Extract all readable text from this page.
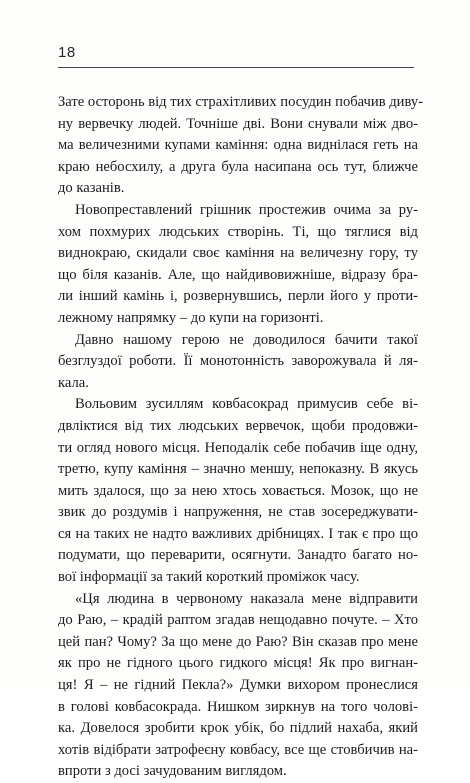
18
Зате осторонь від тих страхітливих посудин побачив диву-
ну вервечку людей. Точніше дві. Вони снували між дво-
ма величезними купами каміння: одна виднілася геть на
краю небосхилу, а друга була насипана ось тут, ближче
до казанів.
Новопреставлений грішник простежив очима за ру-
хом похмурих людських створінь. Ті, що тяглися від
виднокраю, скидали своє каміння на величезну гору, ту
що біля казанів. Але, що найдивовижніше, відразу бра-
ли інший камінь і, розвернувшись, перли його у проти-
лежному напрямку – до купи на горизонті.
Давно нашому герою не доводилося бачити такої
безглуздої роботи. Її монотонність заворожувала й ля-
кала.
Вольовим зусиллям ковбасокрад примусив себе ві-
двліктися від тих людських вервечок, щоби продовжи-
ти огляд нового місця. Неподалік себе побачив іще одну,
третю, купу каміння – значно меншу, непоказну. В якусь
мить здалося, що за нею хтось ховається. Мозок, що не
звик до роздумів і напруження, не став зосереджувати-
ся на таких не надто важливих дрібницях. І так є про що
подумати, що переварити, осягнути. Занадто багато но-
вої інформації за такий короткий проміжок часу.
«Ця людина в червоному наказала мене відправити
до Раю, – крадій раптом згадав нещодавно почуте. – Хто
цей пан? Чому? За що мене до Раю? Він сказав про мене
як про не гідного цього гидкого місця! Як про вигнан-
ця! Я – не гідний Пекла?» Думки вихором пронеслися
в голові ковбасокрада. Нишком зиркнув на того чолові-
ка. Довелося зробити крок убік, бо підлий нахаба, який
хотів відібрати затрофеєну ковбасу, все ще стовбичив на-
впроти з досі зачудованим виглядом.
